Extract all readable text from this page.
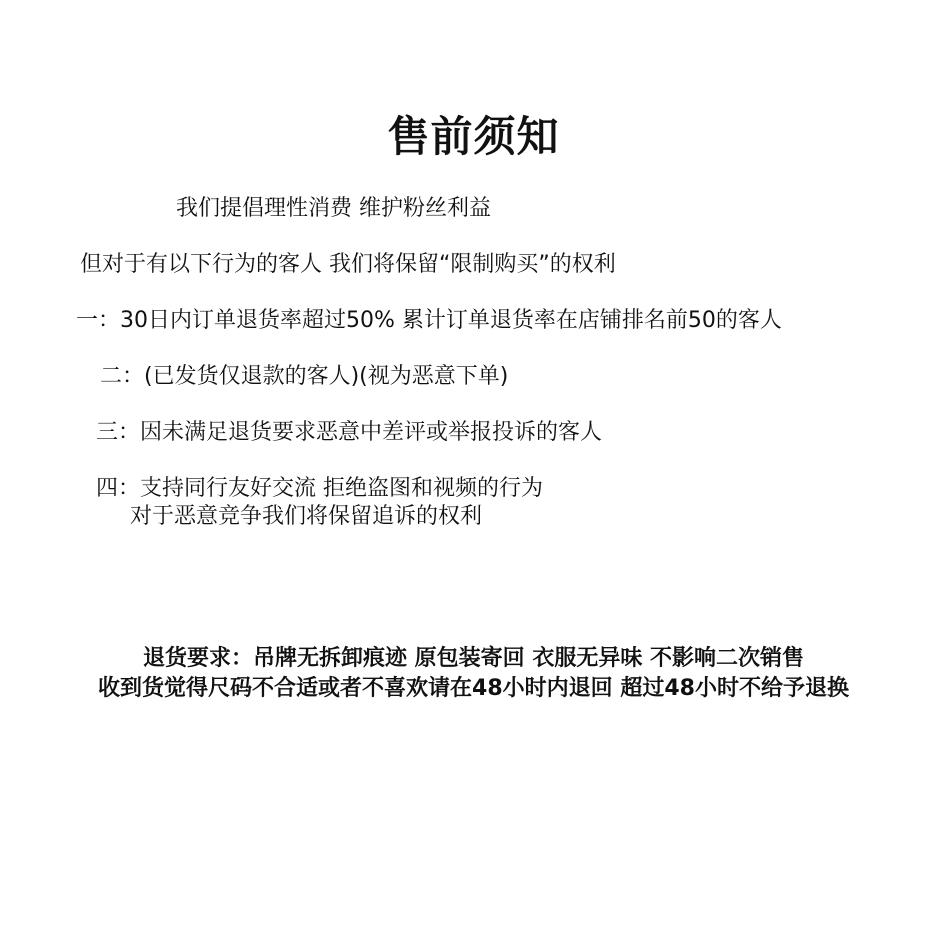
售前须知
我们提倡理性消费 维护粉丝利益
但对于有以下行为的客人 我们将保留“限制购买”的权利
一：30日内订单退货率超过50% 累计订单退货率在店铺排名前50的客人
二：(已发货仅退款的客人)(视为恶意下单)
三：因未满足退货要求恶意中差评或举报投诉的客人
四：支持同行友好交流 拒绝盗图和视频的行为
对于恶意竞争我们将保留追诉的权利
退货要求：吊牌无拆卸痕迹 原包装寄回 衣服无异味 不影响二次销售
收到货觉得尺码不合适或者不喜欢请在48小时内退回 超过48小时不给予退换
